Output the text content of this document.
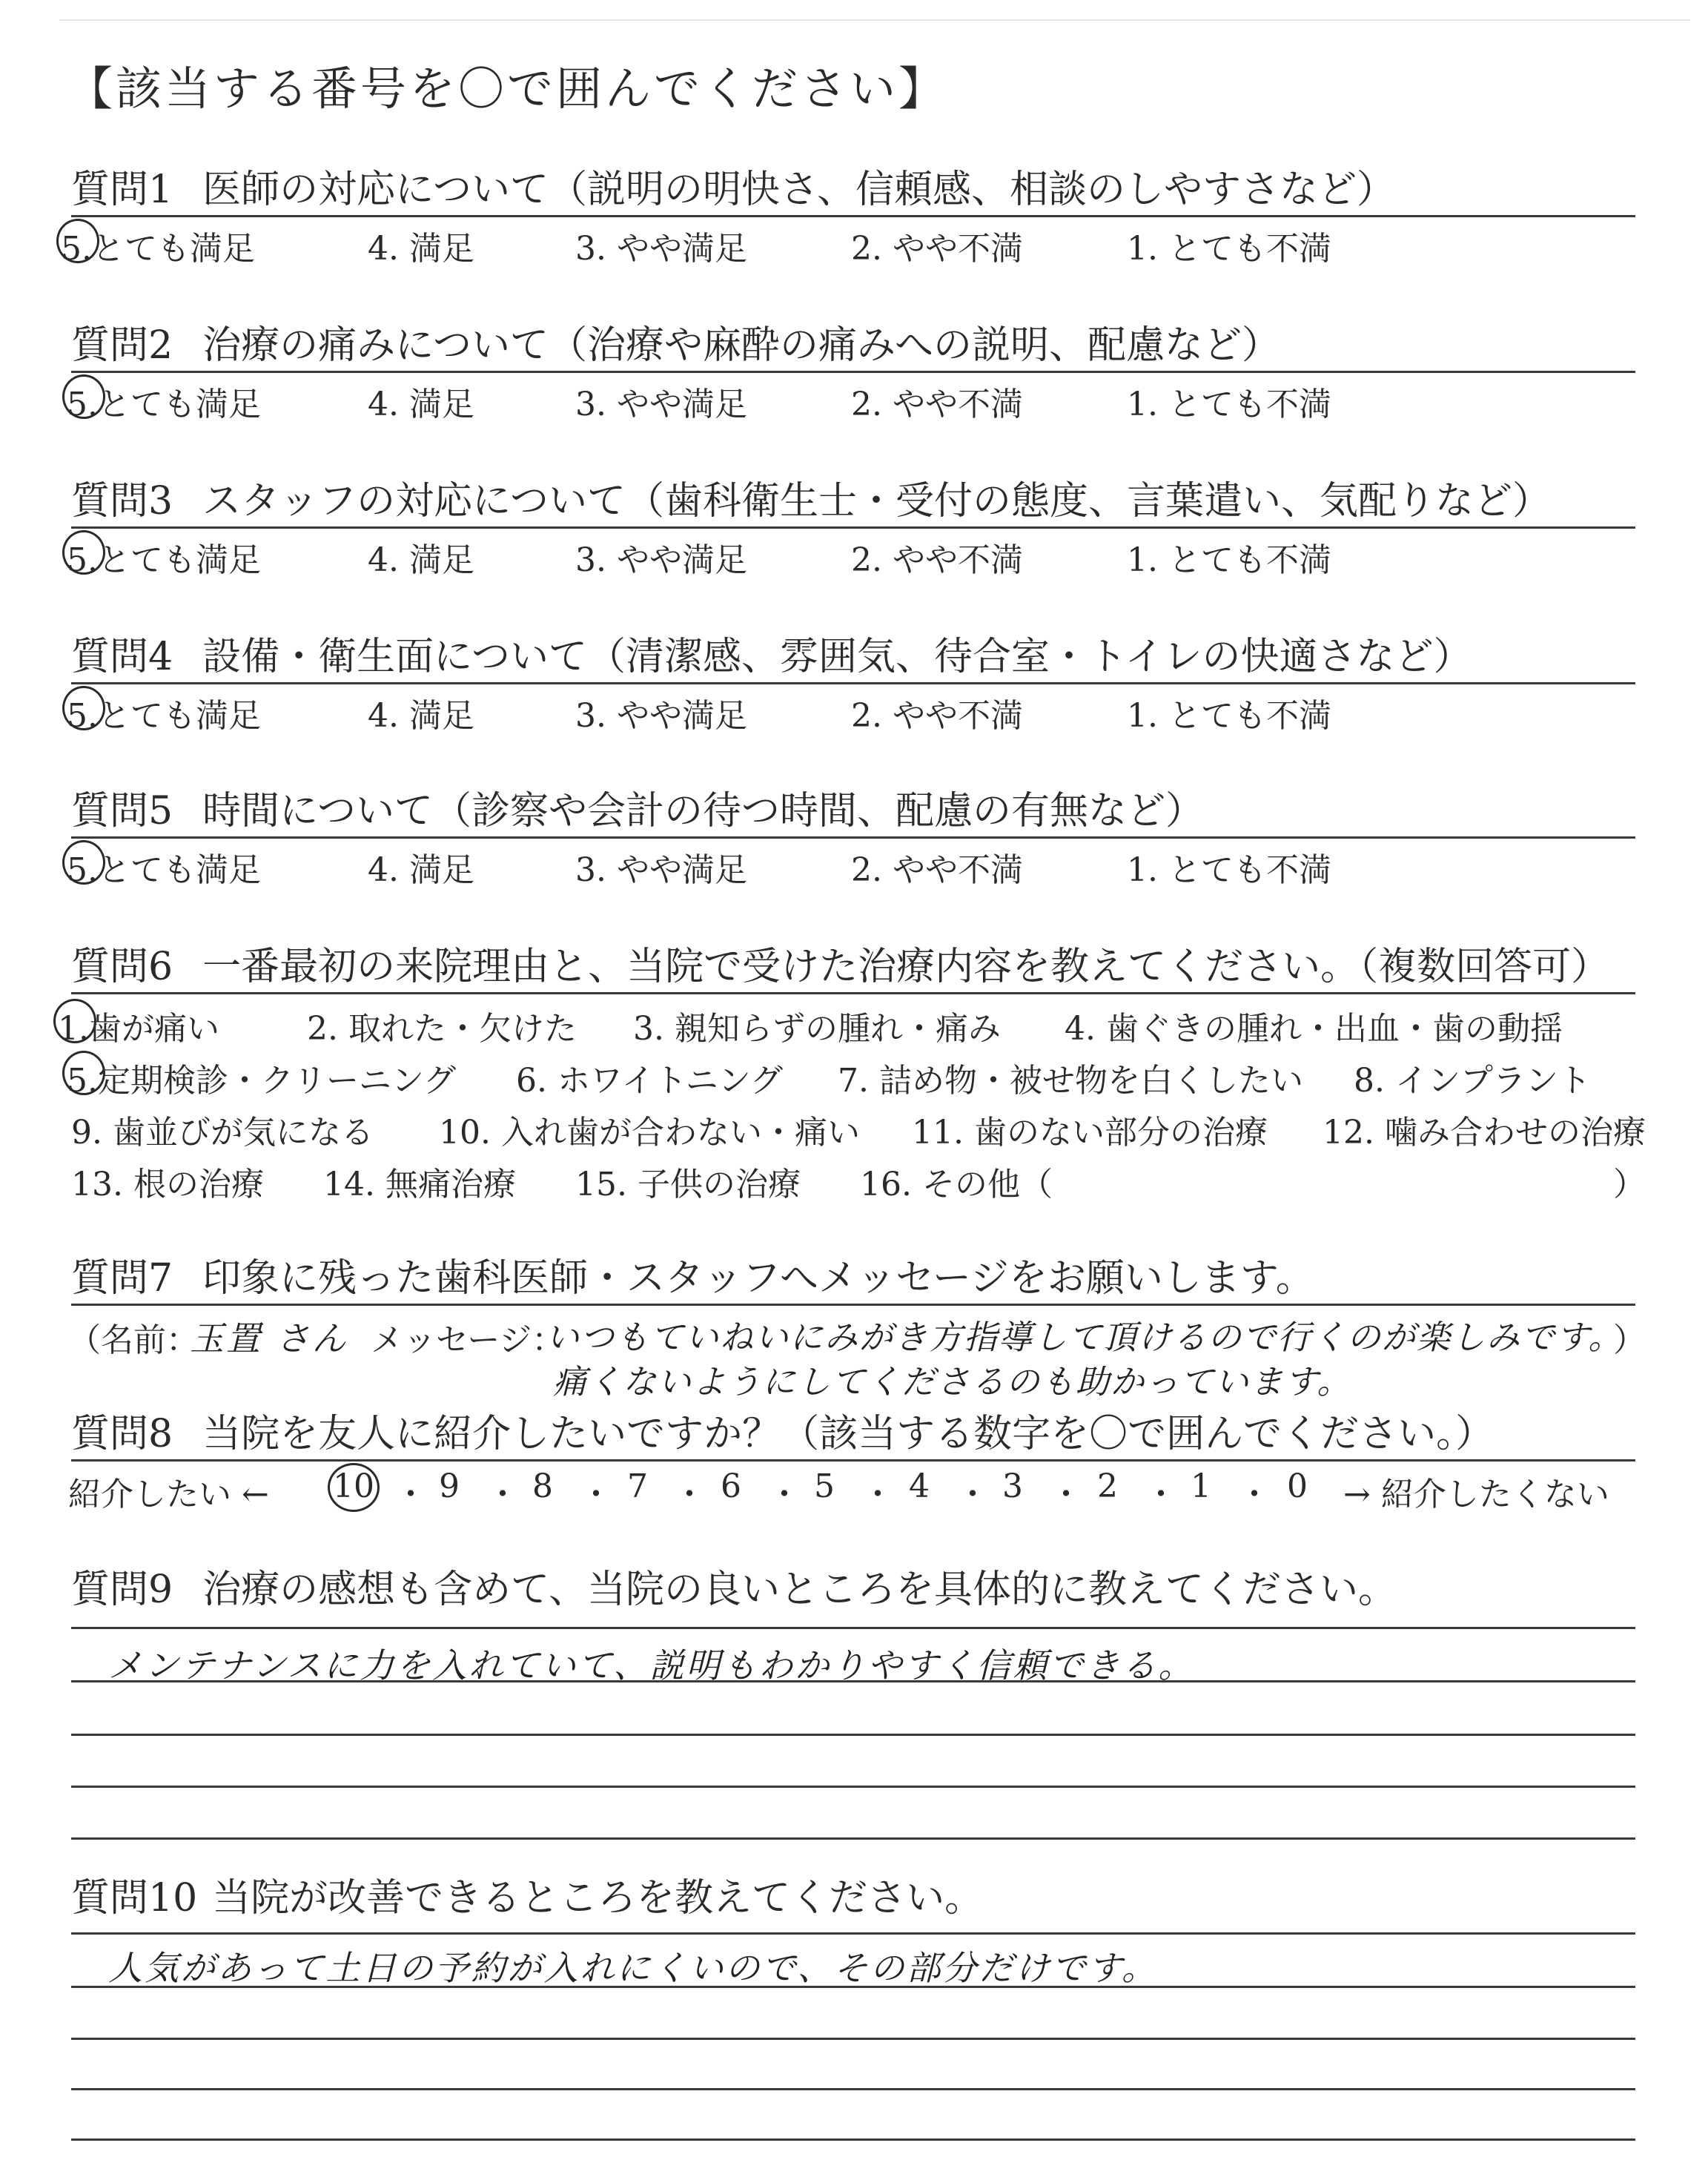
【該当する番号を〇で囲んでください】
質問1 医師の対応について（説明の明快さ、信頼感、相談のしやすさなど）
5.とても満足	4. 満足	3. やや満足	2. やや不満	1. とても不満
質問2 治療の痛みについて（治療や麻酔の痛みへの説明、配慮など）
5.とても満足	4. 満足	3. やや満足	2. やや不満	1. とても不満
質問3 スタッフの対応について（歯科衛生士・受付の態度、言葉遣い、気配りなど）
5.とても満足	4. 満足	3. やや満足	2. やや不満	1. とても不満
質問4 設備・衛生面について（清潔感、雰囲気、待合室・トイレの快適さなど）
5.とても満足	4. 満足	3. やや満足	2. やや不満	1. とても不満
質問5 時間について（診察や会計の待つ時間、配慮の有無など）
5.とても満足	4. 満足	3. やや満足	2. やや不満	1. とても不満
質問6 一番最初の来院理由と、当院で受けた治療内容を教えてください。（複数回答可）
1.歯が痛い	2. 取れた・欠けた 3. 親知らずの腫れ・痛み 4. 歯ぐきの腫れ・出血・歯の動揺
5.定期検診・クリーニング 6. ホワイトニング 7. 詰め物・被せ物を白くしたい 8. インプラント
9. 歯並びが気になる 10. 入れ歯が合わない・痛い 11. 歯のない部分の治療 12. 噛み合わせの治療
13. 根の治療 14. 無痛治療 15. 子供の治療 16. その他（	）
質問7 印象に残った歯科医師・スタッフへメッセージをお願いします。
（名前：
玉置 さん メッセージ：
いつもていねいにみがき方指導して頂けるので行くのが楽しみです。
）
痛くないようにしてくださるのも助かっています。
質問8 当院を友人に紹介したいですか？（該当する数字を〇で囲んでください。）
紹介したい ← 10 ・ 9 ・ 8 ・ 7 ・ 6 ・ 5 ・ 4 ・ 3 ・ 2 ・ 1 ・ 0 → 紹介したくない
質問9 治療の感想も含めて、当院の良いところを具体的に教えてください。
メンテナンスに力を入れていて、説明もわかりやすく信頼できる。
質問10 当院が改善できるところを教えてください。
人気があって土日の予約が入れにくいので、その部分だけです。
